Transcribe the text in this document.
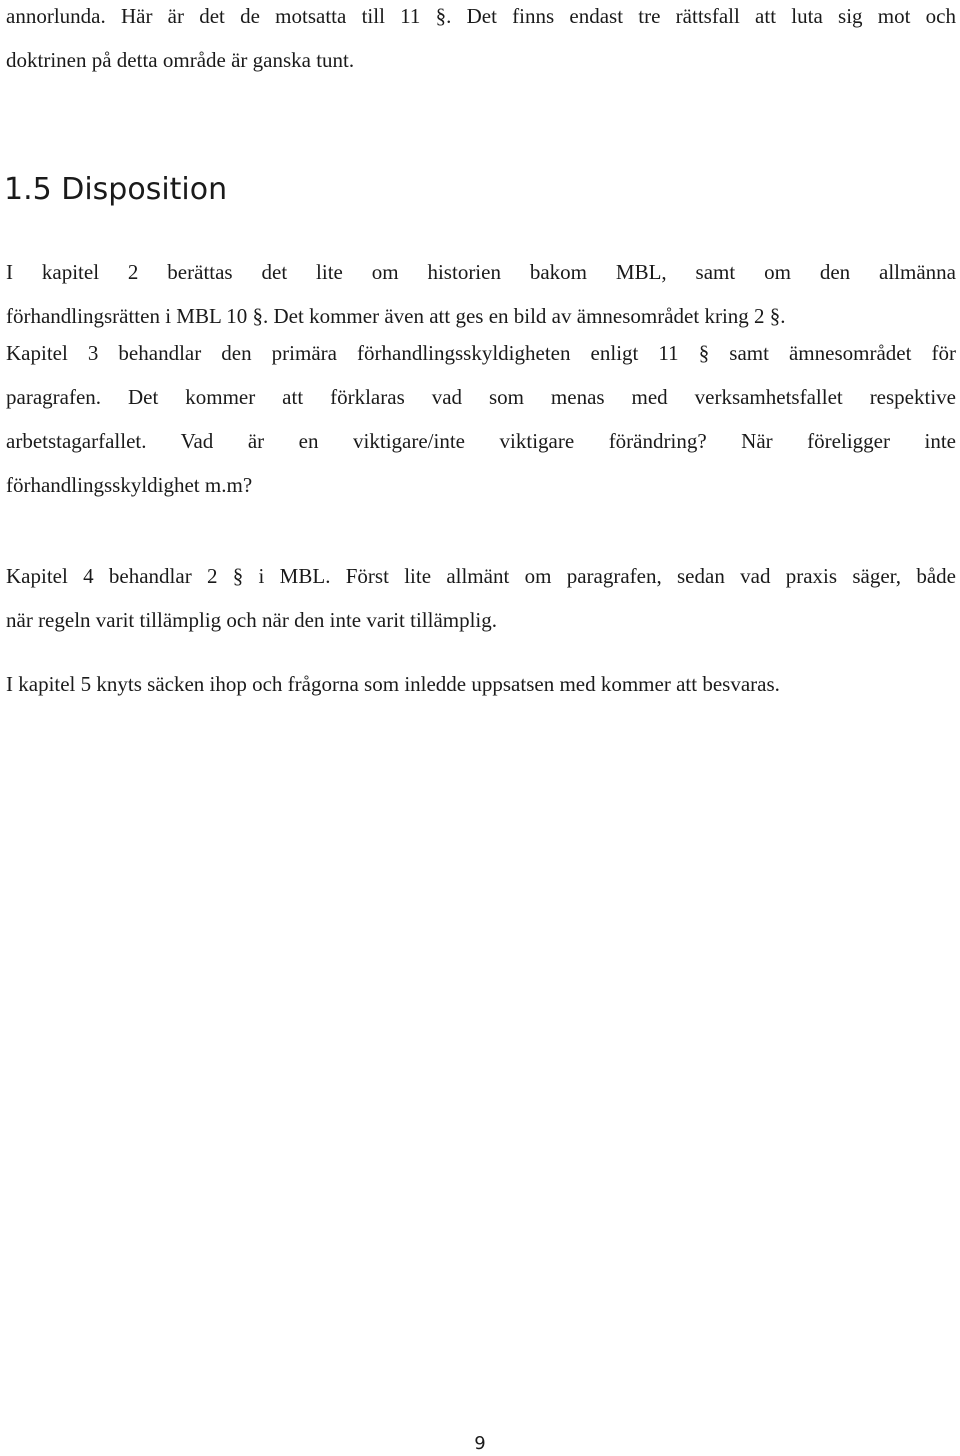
annorlunda. Här är det de motsatta till 11 §. Det finns endast tre rättsfall att luta sig mot och
doktrinen på detta område är ganska tunt.

1.5 Disposition

I kapitel 2 berättas det lite om historien bakom MBL, samt om den allmänna
förhandlingsrätten i MBL 10 §. Det kommer även att ges en bild av ämnesområdet kring 2 §.

Kapitel 3 behandlar den primära förhandlingsskyldigheten enligt 11 § samt ämnesområdet för
paragrafen. Det kommer att förklaras vad som menas med verksamhetsfallet respektive
arbetstagarfallet. Vad är en viktigare/inte viktigare förändring? När föreligger inte
förhandlingsskyldighet m.m?

Kapitel 4 behandlar 2 § i MBL. Först lite allmänt om paragrafen, sedan vad praxis säger, både
när regeln varit tillämplig och när den inte varit tillämplig.

I kapitel 5 knyts säcken ihop och frågorna som inledde uppsatsen med kommer att besvaras.

9
